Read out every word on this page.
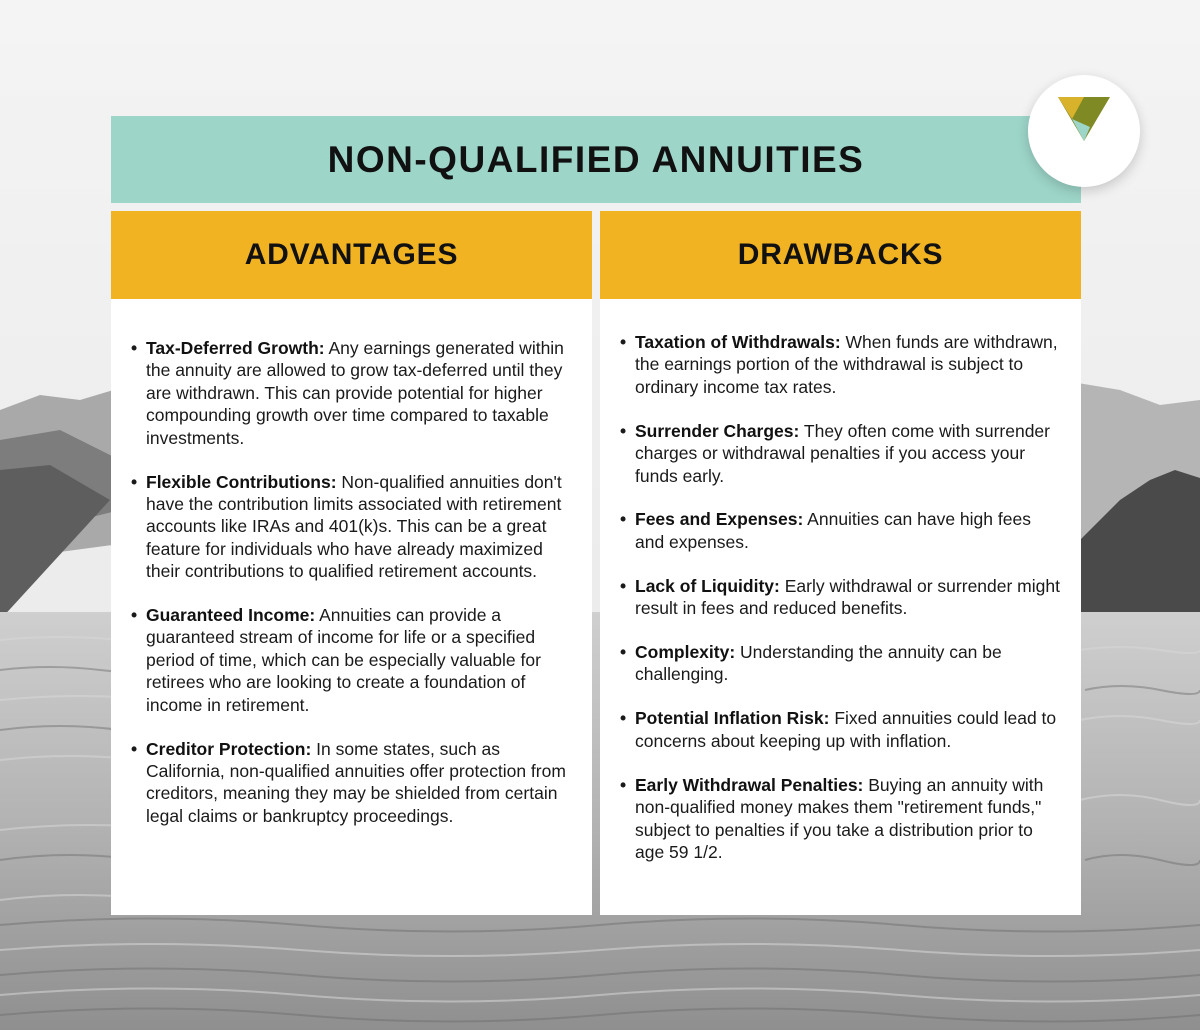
NON-QUALIFIED ANNUITIES
ADVANTAGES
• Tax-Deferred Growth: Any earnings generated within the annuity are allowed to grow tax-deferred until they are withdrawn. This can provide potential for higher compounding growth over time compared to taxable investments.
• Flexible Contributions: Non-qualified annuities don't have the contribution limits associated with retirement accounts like IRAs and 401(k)s. This can be a great feature for individuals who have already maximized their contributions to qualified retirement accounts.
• Guaranteed Income: Annuities can provide a guaranteed stream of income for life or a specified period of time, which can be especially valuable for retirees who are looking to create a foundation of income in retirement.
• Creditor Protection: In some states, such as California, non-qualified annuities offer protection from creditors, meaning they may be shielded from certain legal claims or bankruptcy proceedings.
DRAWBACKS
• Taxation of Withdrawals: When funds are withdrawn, the earnings portion of the withdrawal is subject to ordinary income tax rates.
• Surrender Charges: They often come with surrender charges or withdrawal penalties if you access your funds early.
• Fees and Expenses: Annuities can have high fees and expenses.
• Lack of Liquidity: Early withdrawal or surrender might result in fees and reduced benefits.
• Complexity: Understanding the annuity can be challenging.
• Potential Inflation Risk: Fixed annuities could lead to concerns about keeping up with inflation.
• Early Withdrawal Penalties: Buying an annuity with non-qualified money makes them "retirement funds," subject to penalties if you take a distribution prior to age 59 1/2.
